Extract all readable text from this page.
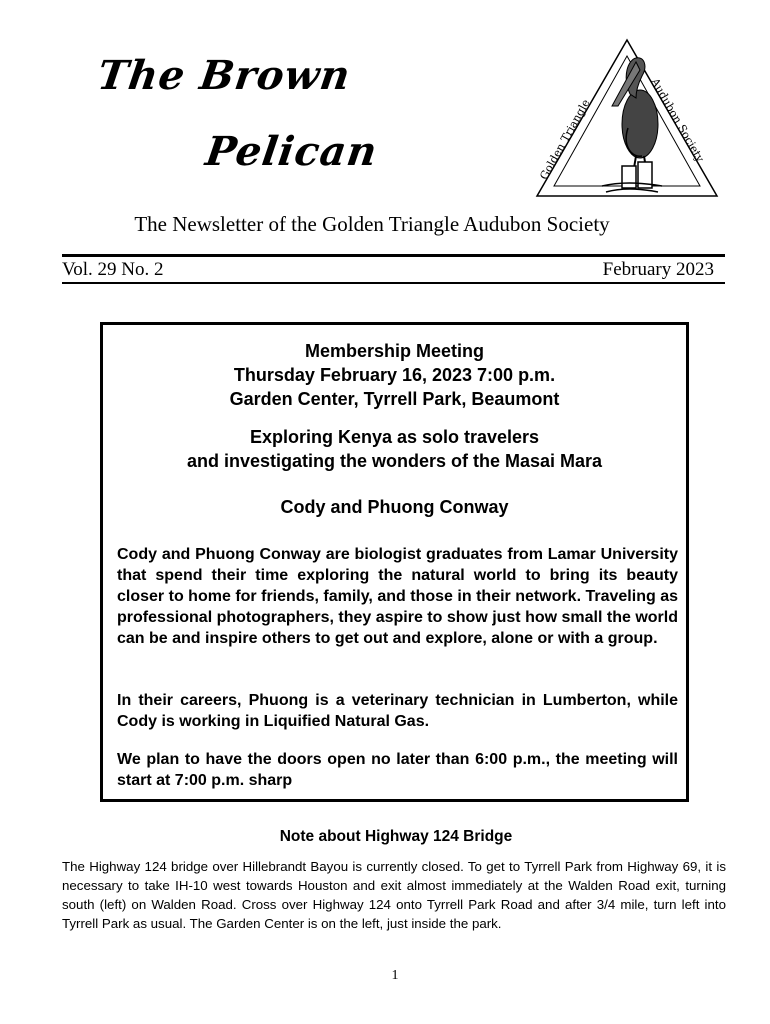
The Brown
Pelican	Golden Triangle
Audubon Society
The Newsletter of the Golden Triangle Audubon Society
Vol. 29 No. 2	February 2023
Membership Meeting
Thursday February 16, 2023 7:00 p.m.
Garden Center, Tyrrell Park, Beaumont
Exploring Kenya as solo travelers
and investigating the wonders of the Masai Mara
Cody and Phuong Conway

Cody and Phuong Conway are biologist graduates from Lamar University that spend their time exploring the natural world to bring its beauty closer to home for friends, family, and those in their network. Traveling as professional photographers, they aspire to show just how small the world can be and inspire others to get out and explore, alone or with a group.

In their careers, Phuong is a veterinary technician in Lumberton, while Cody is working in Liquified Natural Gas.

We plan to have the doors open no later than 6:00 p.m., the meeting will start at 7:00 p.m. sharp

Note about Highway 124 Bridge

The Highway 124 bridge over Hillebrandt Bayou is currently closed. To get to Tyrrell Park from Highway 69, it is necessary to take IH-10 west towards Houston and exit almost immediately at the Walden Road exit, turning south (left) on Walden Road. Cross over Highway 124 onto Tyrrell Park Road and after 3/4 mile, turn left into Tyrrell Park as usual. The Garden Center is on the left, just inside the park.

1
